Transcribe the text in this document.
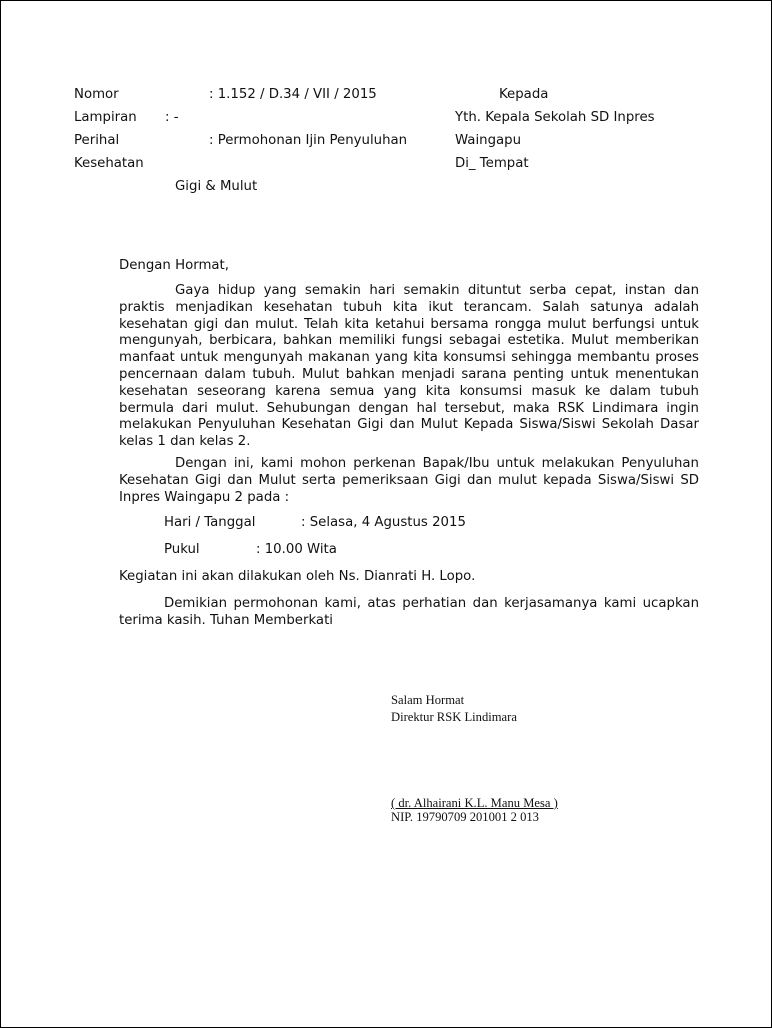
Nomor	: 1.152 / D.34 / VII / 2015
Lampiran : -
Perihal	: Permohonan Ijin Penyuluhan
Kesehatan
Gigi & Mulut
Kepada
Yth. Kepala Sekolah SD Inpres
Waingapu
Di_ Tempat
Dengan Hormat,

Gaya hidup yang semakin hari semakin dituntut serba cepat, instan dan praktis menjadikan kesehatan tubuh kita ikut terancam. Salah satunya adalah kesehatan gigi dan mulut. Telah kita ketahui bersama rongga mulut berfungsi untuk mengunyah, berbicara, bahkan memiliki fungsi sebagai estetika. Mulut memberikan manfaat untuk mengunyah makanan yang kita konsumsi sehingga membantu proses pencernaan dalam tubuh. Mulut bahkan menjadi sarana penting untuk menentukan kesehatan seseorang karena semua yang kita konsumsi masuk ke dalam tubuh bermula dari mulut. Sehubungan dengan hal tersebut, maka RSK Lindimara ingin melakukan Penyuluhan Kesehatan Gigi dan Mulut Kepada Siswa/Siswi Sekolah Dasar kelas 1 dan kelas 2.

Dengan ini, kami mohon perkenan Bapak/Ibu untuk melakukan Penyuluhan Kesehatan Gigi dan Mulut serta pemeriksaan Gigi dan mulut kepada Siswa/Siswi SD Inpres Waingapu 2 pada :

Hari / Tanggal	: Selasa, 4 Agustus 2015
Pukul	: 10.00 Wita
Kegiatan ini akan dilakukan oleh Ns. Dianrati H. Lopo.

Demikian permohonan kami, atas perhatian dan kerjasamanya kami ucapkan terima kasih. Tuhan Memberkati

Salam Hormat
Direktur RSK Lindimara
( dr. Alhairani K.L. Manu Mesa )
NIP. 19790709 201001 2 013
